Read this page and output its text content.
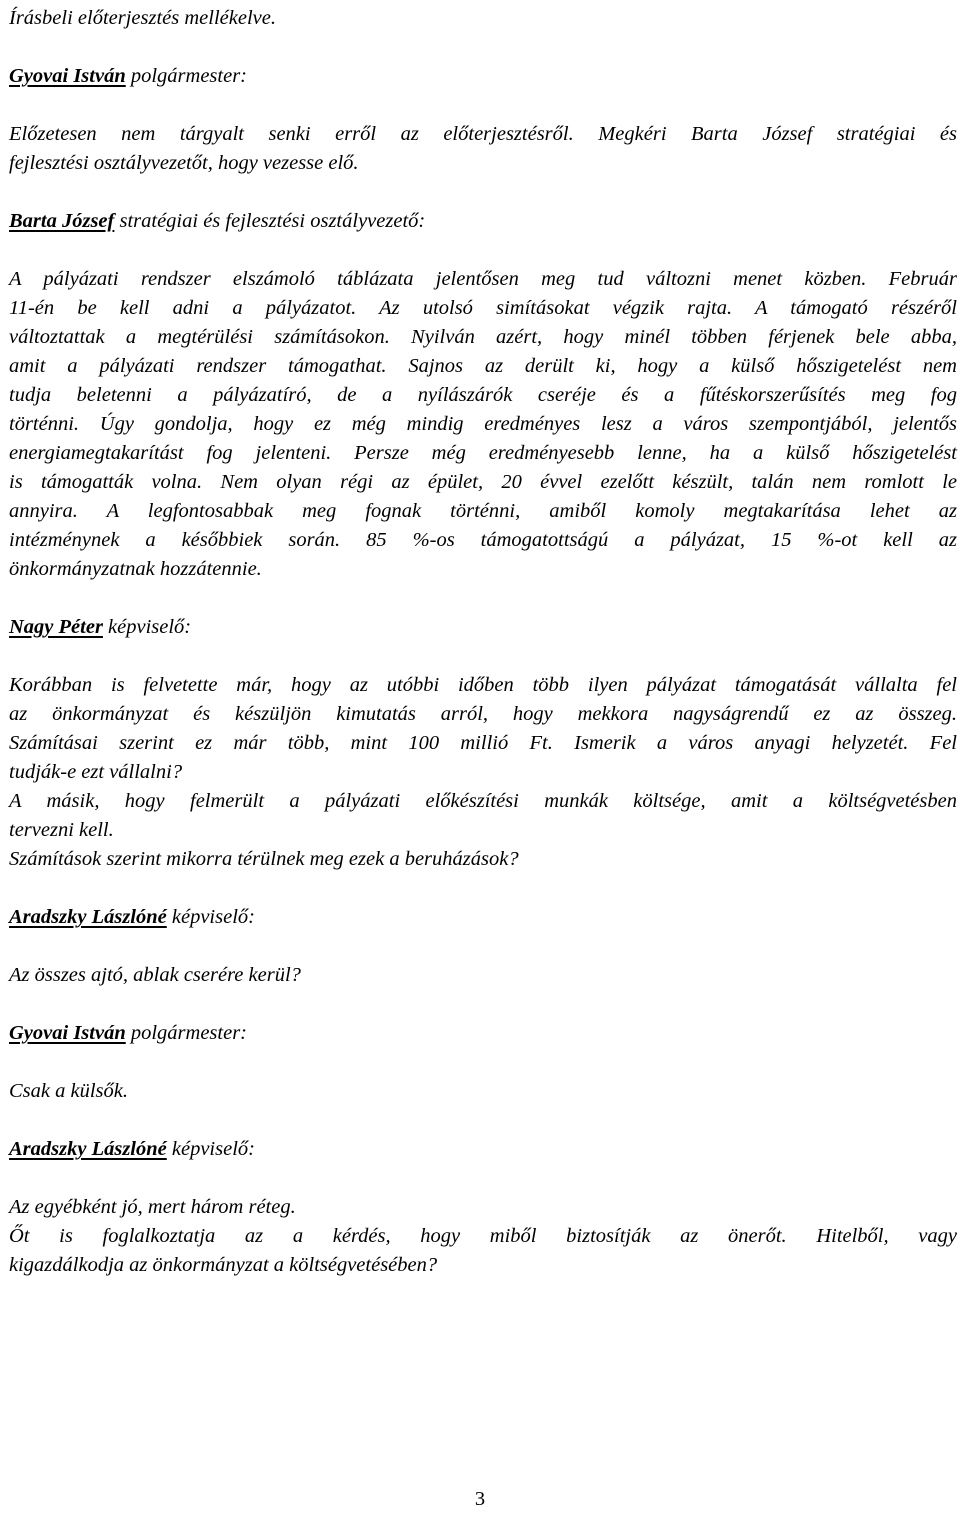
Írásbeli előterjesztés mellékelve.
Gyovai István polgármester:
Előzetesen nem tárgyalt senki erről az előterjesztésről. Megkéri Barta József stratégiai és
fejlesztési osztályvezetőt, hogy vezesse elő.
Barta József stratégiai és fejlesztési osztályvezető:
A pályázati rendszer elszámoló táblázata jelentősen meg tud változni menet közben. Február
11-én be kell adni a pályázatot. Az utolsó simításokat végzik rajta. A támogató részéről
változtattak a megtérülési számításokon. Nyilván azért, hogy minél többen férjenek bele abba,
amit a pályázati rendszer támogathat. Sajnos az derült ki, hogy a külső hőszigetelést nem
tudja beletenni a pályázatíró, de a nyílászárók cseréje és a fűtéskorszerűsítés meg fog
történni. Úgy gondolja, hogy ez még mindig eredményes lesz a város szempontjából, jelentős
energiamegtakarítást fog jelenteni. Persze még eredményesebb lenne, ha a külső hőszigetelést
is támogatták volna. Nem olyan régi az épület, 20 évvel ezelőtt készült, talán nem romlott le
annyira. A legfontosabbak meg fognak történni, amiből komoly megtakarítása lehet az
intézménynek a későbbiek során. 85 %-os támogatottságú a pályázat, 15 %-ot kell az
önkormányzatnak hozzátennie.
Nagy Péter képviselő:
Korábban is felvetette már, hogy az utóbbi időben több ilyen pályázat támogatását vállalta fel
az önkormányzat és készüljön kimutatás arról, hogy mekkora nagyságrendű ez az összeg.
Számításai szerint ez már több, mint 100 millió Ft. Ismerik a város anyagi helyzetét. Fel
tudják-e ezt vállalni?
A másik, hogy felmerült a pályázati előkészítési munkák költsége, amit a költségvetésben
tervezni kell.
Számítások szerint mikorra térülnek meg ezek a beruházások?
Aradszky Lászlóné képviselő:
Az összes ajtó, ablak cserére kerül?
Gyovai István polgármester:
Csak a külsők.
Aradszky Lászlóné képviselő:
Az egyébként jó, mert három réteg.
Őt is foglalkoztatja az a kérdés, hogy miből biztosítják az önerőt. Hitelből, vagy
kigazdálkodja az önkormányzat a költségvetésében?
3
